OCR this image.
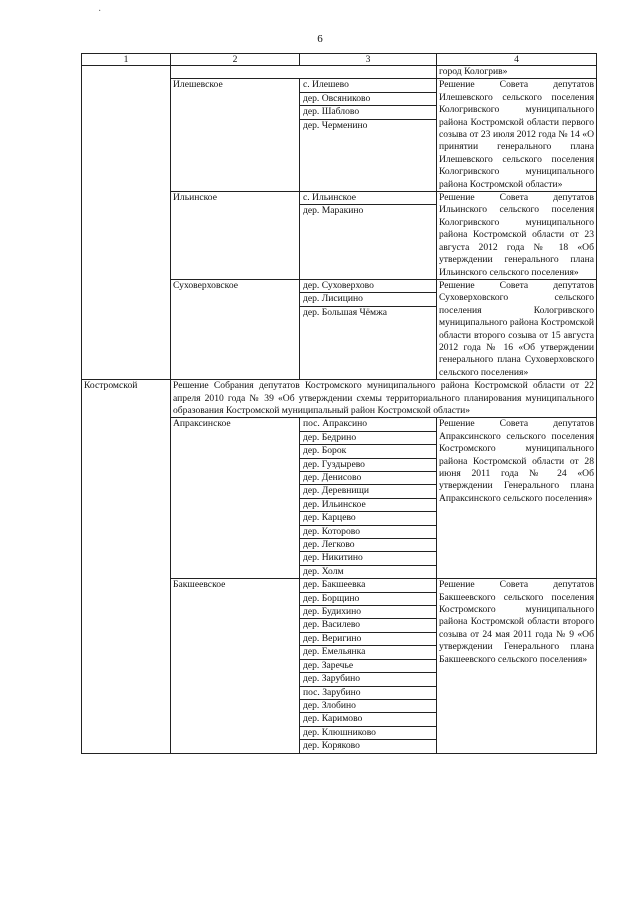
·
6
1	2	3	4
		город Кологрив»
Илешевское		с. Илешево
дер. Овсяниково
дер. Шаблово
дер. Черменино
	Решение Совета депутатов Илешевского сельского поселения Кологривского муниципального района Костромской области первого созыва от 23 июля 2012 года № 14 «О принятии генерального плана Илешевского сельского поселения Кологривского муниципального района Костромской области»
Ильинское		с. Ильинское
дер. Маракино
	Решение Совета депутатов Ильинского сельского поселения Кологривского муниципального района Костромской области от 23 августа 2012 года № 18 «Об утверждении генерального плана Ильинского сельского поселения»
Суховерховское		дер. Суховерхово
дер. Лисицино
дер. Большая Чёмжа
	Решение Совета депутатов Суховерховского сельского поселения Кологривского муниципального района Костромской области второго созыва от 15 августа 2012 года № 16 «Об утверждении генерального плана Суховерховского сельского поселения»
Костромской	Решение Собрания депутатов Костромского муниципального района Костромской области от 22 апреля 2010 года № 39 «Об утверждении схемы территориального планирования муниципального образования Костромской муниципальный район Костромской области»
Апраксинское		пос. Апраксино
дер. Бедрино
дер. Борок
дер. Гуздырево
дер. Денисово
дер. Деревнищи
дер. Ильинское
дер. Карцево
дер. Которово
дер. Легково
дер. Никитино
дер. Холм
	Решение Совета депутатов Апраксинского сельского поселения Костромского муниципального района Костромской области от 28 июня 2011 года № 24 «Об утверждении Генерального плана Апраксинского сельского поселения»
Бакшеевское		дер. Бакшеевка
дер. Борщино
дер. Будихино
дер. Василево
дер. Веригино
дер. Емельянка
дер. Заречье
дер. Зарубино
пос. Зарубино
дер. Злобино
дер. Каримово
дер. Клюшниково
дер. Коряково
	Решение Совета депутатов Бакшеевского сельского поселения Костромского муниципального района Костромской области второго созыва от 24 мая 2011 года № 9 «Об утверждении Генерального плана Бакшеевского сельского поселения»
